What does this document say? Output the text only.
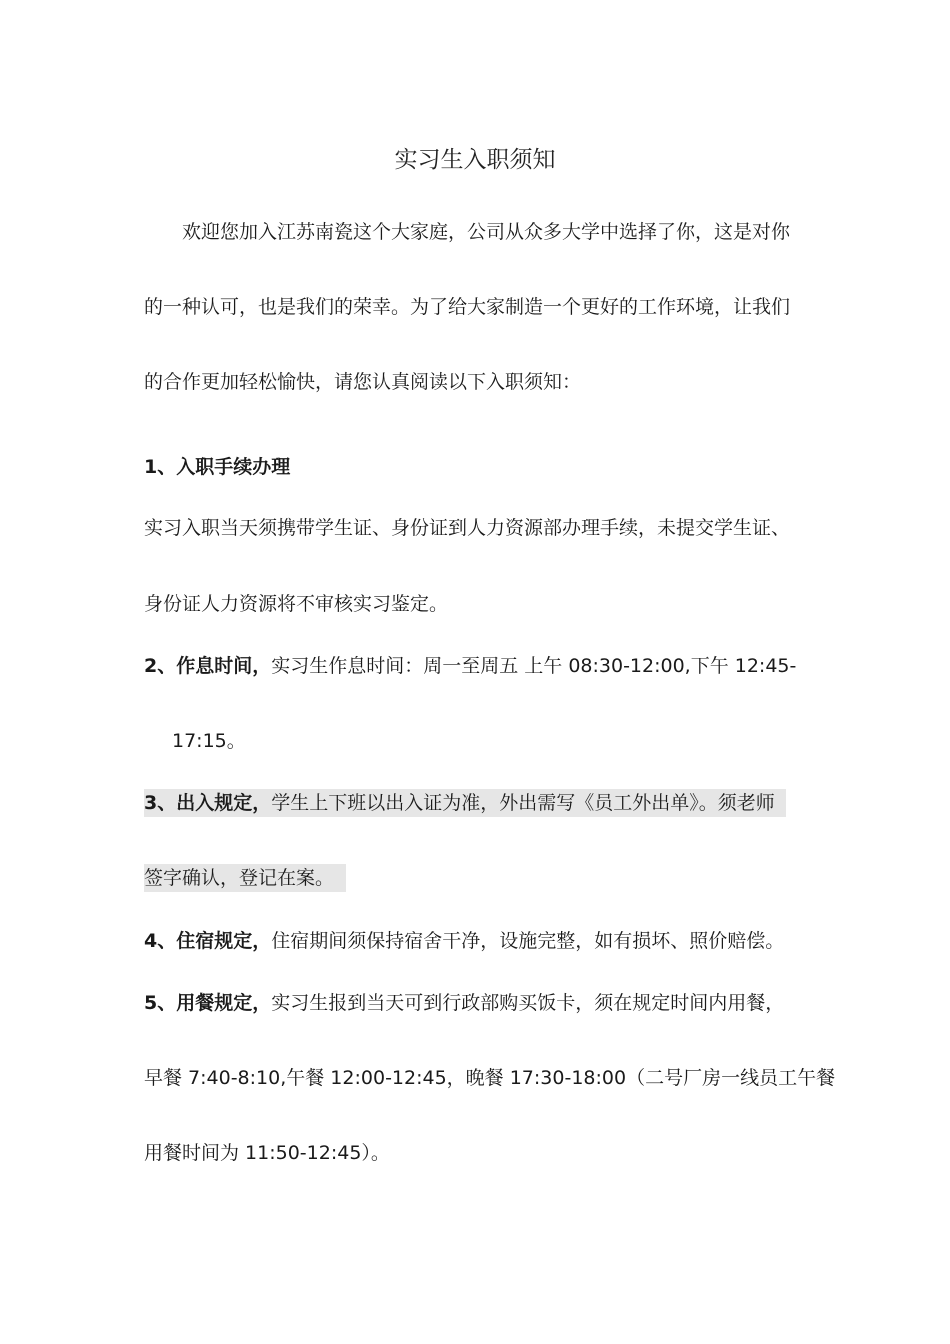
实习生入职须知
欢迎您加入江苏南瓷这个大家庭，公司从众多大学中选择了你，这是对你
的一种认可，也是我们的荣幸。为了给大家制造一个更好的工作环境，让我们
的合作更加轻松愉快，请您认真阅读以下入职须知：
1、入职手续办理
实习入职当天须携带学生证、身份证到人力资源部办理手续，未提交学生证、
身份证人力资源将不审核实习鉴定。
2、作息时间，实习生作息时间：周一至周五 上午 08:30-12:00,下午 12:45-
17:15。
3、出入规定，学生上下班以出入证为准，外出需写《员工外出单》。须老师
签字确认，登记在案。
4、住宿规定，住宿期间须保持宿舍干净，设施完整，如有损坏、照价赔偿。
5、用餐规定，实习生报到当天可到行政部购买饭卡，须在规定时间内用餐，
早餐 7:40-8:10,午餐 12:00-12:45，晚餐 17:30-18:00（二号厂房一线员工午餐
用餐时间为 11:50-12:45）。
